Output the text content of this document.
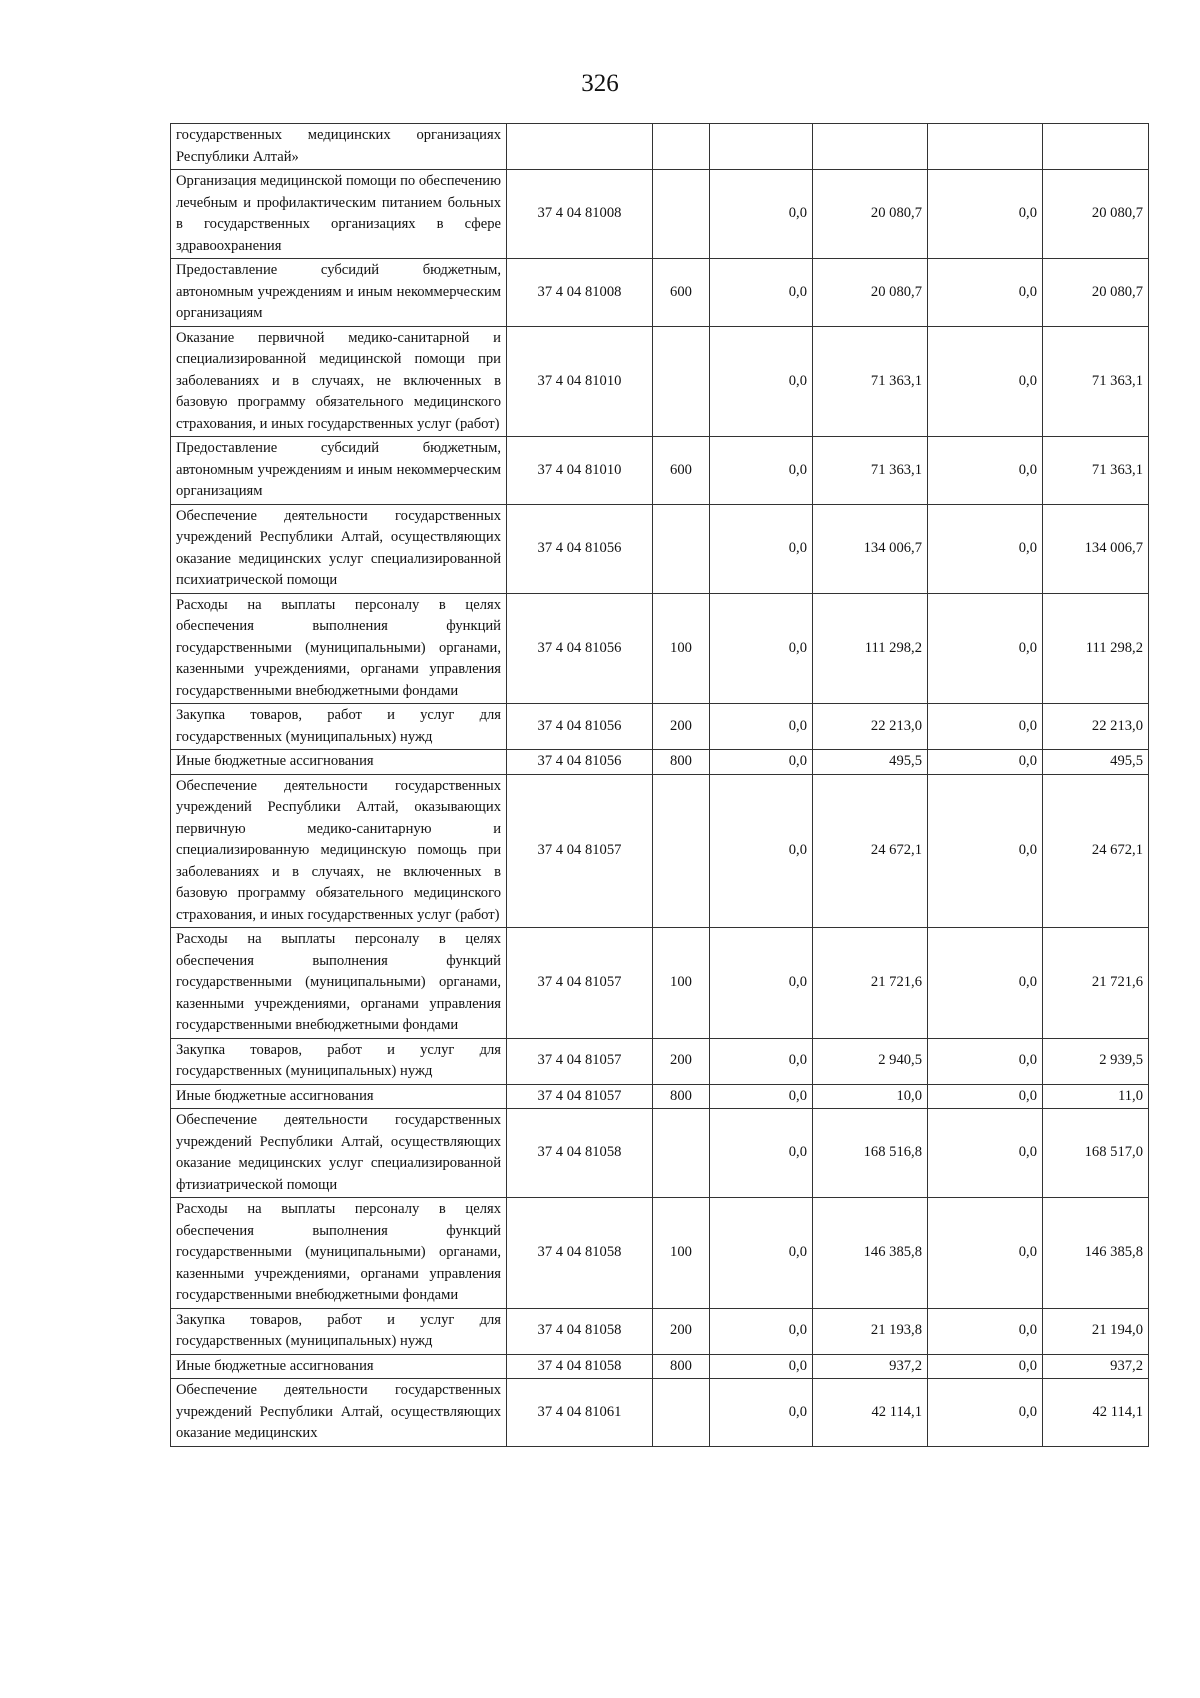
326
государственных медицинских организациях Республики Алтай»						
Организация медицинской помощи по обеспечению лечебным и профилактическим питанием больных в государственных организациях в сфере здравоохранения	37 4 04 81008		0,0	20 080,7	0,0	20 080,7
Предоставление субсидий бюджетным, автономным учреждениям и иным некоммерческим организациям	37 4 04 81008	600	0,0	20 080,7	0,0	20 080,7
Оказание первичной медико-санитарной и специализированной медицинской помощи при заболеваниях и в случаях, не включенных в базовую программу обязательного медицинского страхования, и иных государственных услуг (работ)	37 4 04 81010		0,0	71 363,1	0,0	71 363,1
Предоставление субсидий бюджетным, автономным учреждениям и иным некоммерческим организациям	37 4 04 81010	600	0,0	71 363,1	0,0	71 363,1
Обеспечение деятельности государственных учреждений Республики Алтай, осуществляющих оказание медицинских услуг специализированной психиатрической помощи	37 4 04 81056		0,0	134 006,7	0,0	134 006,7
Расходы на выплаты персоналу в целях обеспечения выполнения функций государственными (муниципальными) органами, казенными учреждениями, органами управления государственными внебюджетными фондами	37 4 04 81056	100	0,0	111 298,2	0,0	111 298,2
Закупка товаров, работ и услуг для государственных (муниципальных) нужд	37 4 04 81056	200	0,0	22 213,0	0,0	22 213,0
Иные бюджетные ассигнования	37 4 04 81056	800	0,0	495,5	0,0	495,5
Обеспечение деятельности государственных учреждений Республики Алтай, оказывающих первичную медико-санитарную и специализированную медицинскую помощь при заболеваниях и в случаях, не включенных в базовую программу обязательного медицинского страхования, и иных государственных услуг (работ)	37 4 04 81057		0,0	24 672,1	0,0	24 672,1
Расходы на выплаты персоналу в целях обеспечения выполнения функций государственными (муниципальными) органами, казенными учреждениями, органами управления государственными внебюджетными фондами	37 4 04 81057	100	0,0	21 721,6	0,0	21 721,6
Закупка товаров, работ и услуг для государственных (муниципальных) нужд	37 4 04 81057	200	0,0	2 940,5	0,0	2 939,5
Иные бюджетные ассигнования	37 4 04 81057	800	0,0	10,0	0,0	11,0
Обеспечение деятельности государственных учреждений Республики Алтай, осуществляющих оказание медицинских услуг специализированной фтизиатрической помощи	37 4 04 81058		0,0	168 516,8	0,0	168 517,0
Расходы на выплаты персоналу в целях обеспечения выполнения функций государственными (муниципальными) органами, казенными учреждениями, органами управления государственными внебюджетными фондами	37 4 04 81058	100	0,0	146 385,8	0,0	146 385,8
Закупка товаров, работ и услуг для государственных (муниципальных) нужд	37 4 04 81058	200	0,0	21 193,8	0,0	21 194,0
Иные бюджетные ассигнования	37 4 04 81058	800	0,0	937,2	0,0	937,2
Обеспечение деятельности государственных учреждений Республики Алтай, осуществляющих оказание медицинских	37 4 04 81061		0,0	42 114,1	0,0	42 114,1
